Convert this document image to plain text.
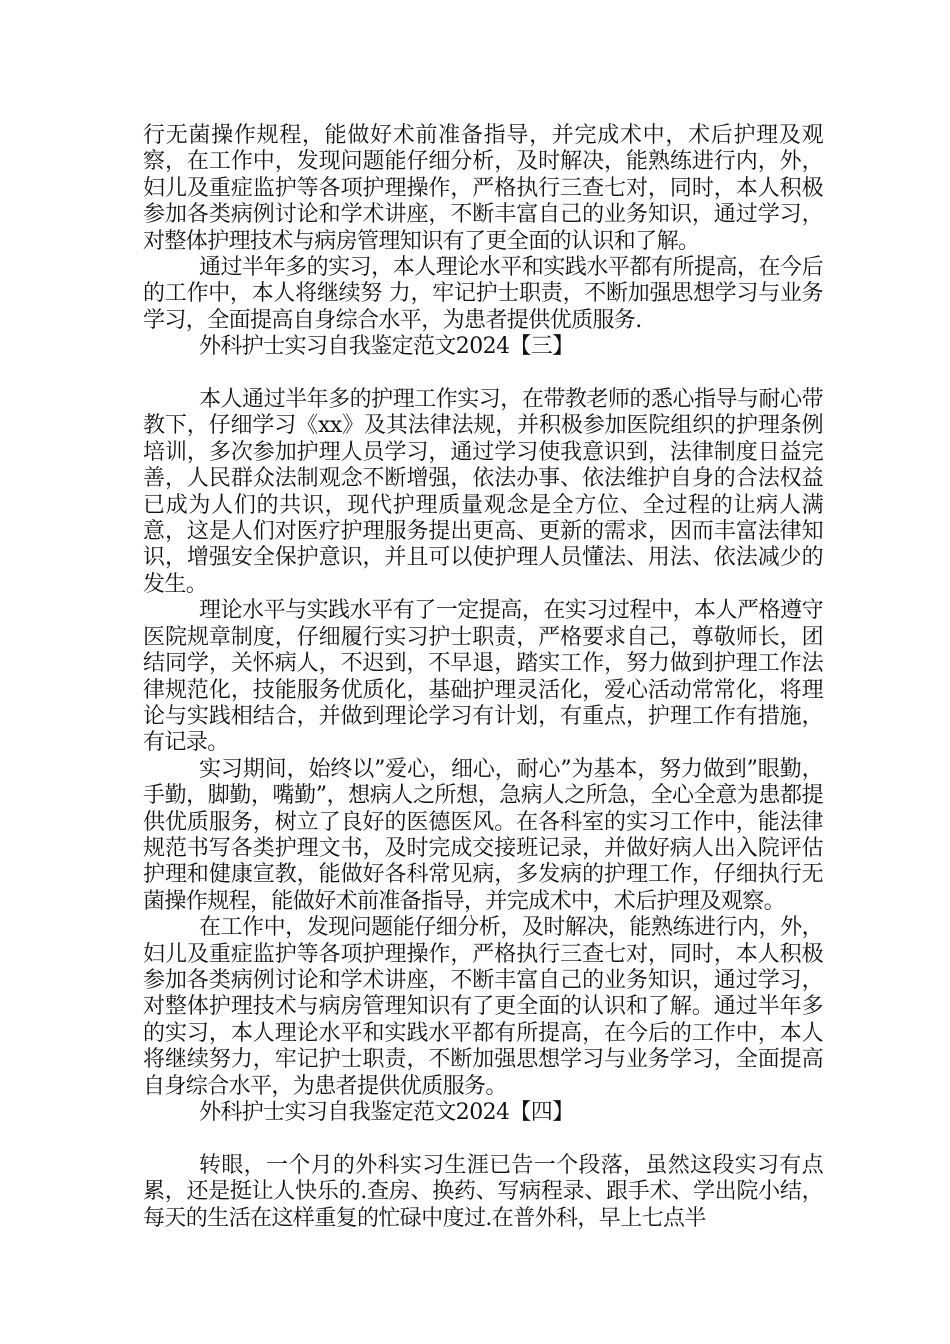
行无菌操作规程，能做好术前准备指导，并完成术中，术后护理及观察，在工作中，发现问题能仔细分析，及时解决，能熟练进行内，外，妇儿及重症监护等各项护理操作，严格执行三查七对，同时，本人积极参加各类病例讨论和学术讲座，不断丰富自己的业务知识，通过学习，对整体护理技术与病房管理知识有了更全面的认识和了解。

通过半年多的实习，本人理论水平和实践水平都有所提高，在今后的工作中，本人将继续努 力，牢记护士职责，不断加强思想学习与业务学习，全面提高自身综合水平，为患者提供优质服务.

外科护士实习自我鉴定范文2024【三】

本人通过半年多的护理工作实习，在带教老师的悉心指导与耐心带教下，仔细学习《xx》及其法律法规，并积极参加医院组织的护理条例培训，多次参加护理人员学习，通过学习使我意识到，法律制度日益完善，人民群众法制观念不断增强，依法办事、依法维护自身的合法权益已成为人们的共识，现代护理质量观念是全方位、全过程的让病人满意，这是人们对医疗护理服务提出更高、更新的需求，因而丰富法律知识，增强安全保护意识，并且可以使护理人员懂法、用法、依法减少的发生。

理论水平与实践水平有了一定提高，在实习过程中，本人严格遵守医院规章制度，仔细履行实习护士职责，严格要求自己，尊敬师长，团结同学，关怀病人，不迟到，不早退，踏实工作，努力做到护理工作法律规范化，技能服务优质化，基础护理灵活化，爱心活动常常化，将理论与实践相结合，并做到理论学习有计划，有重点，护理工作有措施，有记录。

实习期间，始终以”爱心，细心，耐心”为基本，努力做到”眼勤，手勤，脚勤，嘴勤”，想病人之所想，急病人之所急，全心全意为患都提供优质服务，树立了良好的医德医风。在各科室的实习工作中，能法律规范书写各类护理文书，及时完成交接班记录，并做好病人出入院评估护理和健康宣教，能做好各科常见病，多发病的护理工作，仔细执行无菌操作规程，能做好术前准备指导，并完成术中，术后护理及观察。

在工作中，发现问题能仔细分析，及时解决，能熟练进行内，外，妇儿及重症监护等各项护理操作，严格执行三查七对，同时，本人积极参加各类病例讨论和学术讲座，不断丰富自己的业务知识，通过学习，对整体护理技术与病房管理知识有了更全面的认识和了解。通过半年多的实习，本人理论水平和实践水平都有所提高，在今后的工作中，本人将继续努力，牢记护士职责，不断加强思想学习与业务学习，全面提高自身综合水平，为患者提供优质服务。

外科护士实习自我鉴定范文2024【四】

转眼，一个月的外科实习生涯已告一个段落，虽然这段实习有点累，还是挺让人快乐的.查房、换药、写病程录、跟手术、学出院小结，每天的生活在这样重复的忙碌中度过.在普外科，早上七点半
